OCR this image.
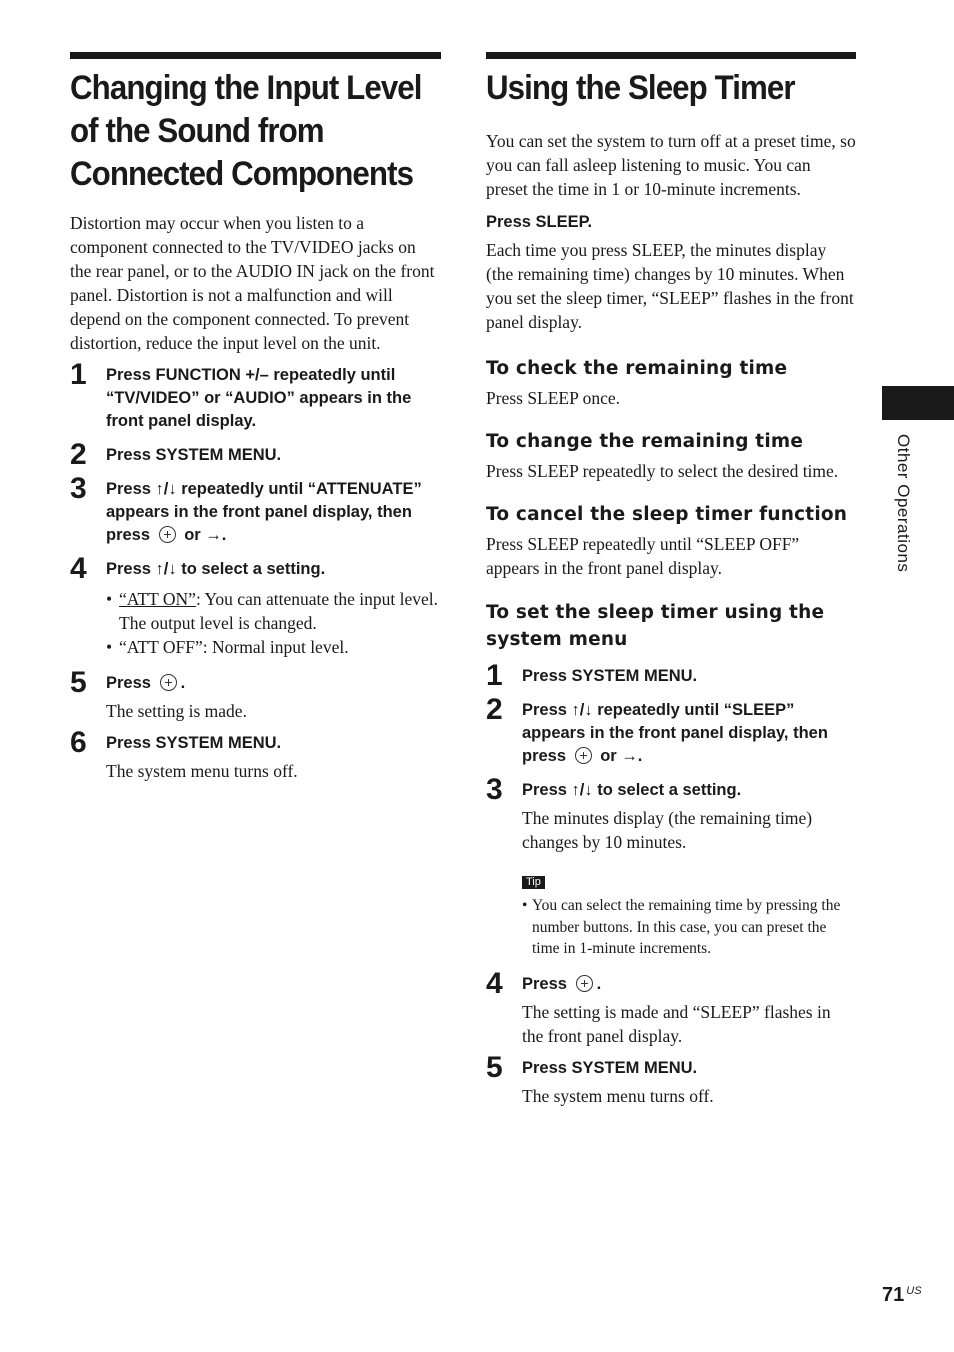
Changing the Input Level
of the Sound from
Connected Components

Distortion may occur when you listen to a component connected to the TV/VIDEO jacks on the rear panel, or to the AUDIO IN jack on the front panel. Distortion is not a malfunction and will depend on the component connected. To prevent distortion, reduce the input level on the unit.

1 Press FUNCTION +/– repeatedly until “TV/VIDEO” or “AUDIO” appears in the front panel display.

2 Press SYSTEM MENU.

3 Press ↑/↓ repeatedly until “ATTENUATE” appears in the front panel display, then press or →.

4 Press ↑/↓ to select a setting.

• “ATT ON”: You can attenuate the input level. The output level is changed.
• “ATT OFF”: Normal input level.
5 Press .

The setting is made.

6 Press SYSTEM MENU.

The system menu turns off.

Using the Sleep Timer

You can set the system to turn off at a preset time, so you can fall asleep listening to music. You can preset the time in 1 or 10-minute increments.

Press SLEEP.

Each time you press SLEEP, the minutes display (the remaining time) changes by 10 minutes. When you set the sleep timer, “SLEEP” flashes in the front panel display.

To check the remaining time

Press SLEEP once.

To change the remaining time

Press SLEEP repeatedly to select the desired time.

To cancel the sleep timer function

Press SLEEP repeatedly until “SLEEP OFF” appears in the front panel display.

To set the sleep timer using the system menu
1 Press SYSTEM MENU.

2 Press ↑/↓ repeatedly until “SLEEP” appears in the front panel display, then press or →.

3 Press ↑/↓ to select a setting.

The minutes display (the remaining time) changes by 10 minutes.

Tip

• You can select the remaining time by pressing the number buttons. In this case, you can preset the time in 1-minute increments.

4 Press .

The setting is made and “SLEEP” flashes in the front panel display.

5 Press SYSTEM MENU.

The system menu turns off.

Other Operations
71 $^{US}$
